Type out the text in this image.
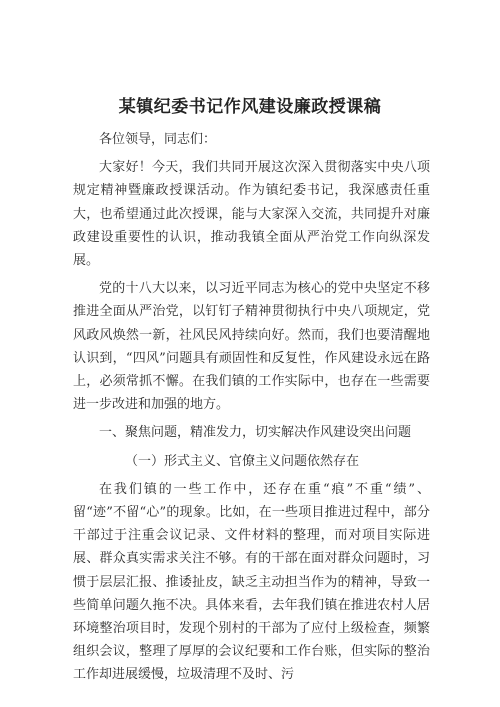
某镇纪委书记作风建设廉政授课稿

各位领导，同志们：

大家好！今天，我们共同开展这次深入贯彻落实中央八项规定精神暨廉政授课活动。作为镇纪委书记，我深感责任重大，也希望通过此次授课，能与大家深入交流，共同提升对廉政建设重要性的认识，推动我镇全面从严治党工作向纵深发展。

党的十八大以来，以习近平同志为核心的党中央坚定不移推进全面从严治党，以钉钉子精神贯彻执行中央八项规定，党风政风焕然一新，社风民风持续向好。然而，我们也要清醒地认识到，“四风”问题具有顽固性和反复性，作风建设永远在路上，必须常抓不懈。在我们镇的工作实际中，也存在一些需要进一步改进和加强的地方。

一、聚焦问题，精准发力，切实解决作风建设突出问题

（一）形式主义、官僚主义问题依然存在

在我们镇的一些工作中，还存在重“痕”不重“绩”、留“迹”不留“心”的现象。比如，在一些项目推进过程中，部分干部过于注重会议记录、文件材料的整理，而对项目实际进展、群众真实需求关注不够。有的干部在面对群众问题时，习惯于层层汇报、推诿扯皮，缺乏主动担当作为的精神，导致一些简单问题久拖不决。具体来看，去年我们镇在推进农村人居环境整治项目时，发现个别村的干部为了应付上级检查，频繁组织会议，整理了厚厚的会议纪要和工作台账，但实际的整治工作却进展缓慢，垃圾清理不及时、污
